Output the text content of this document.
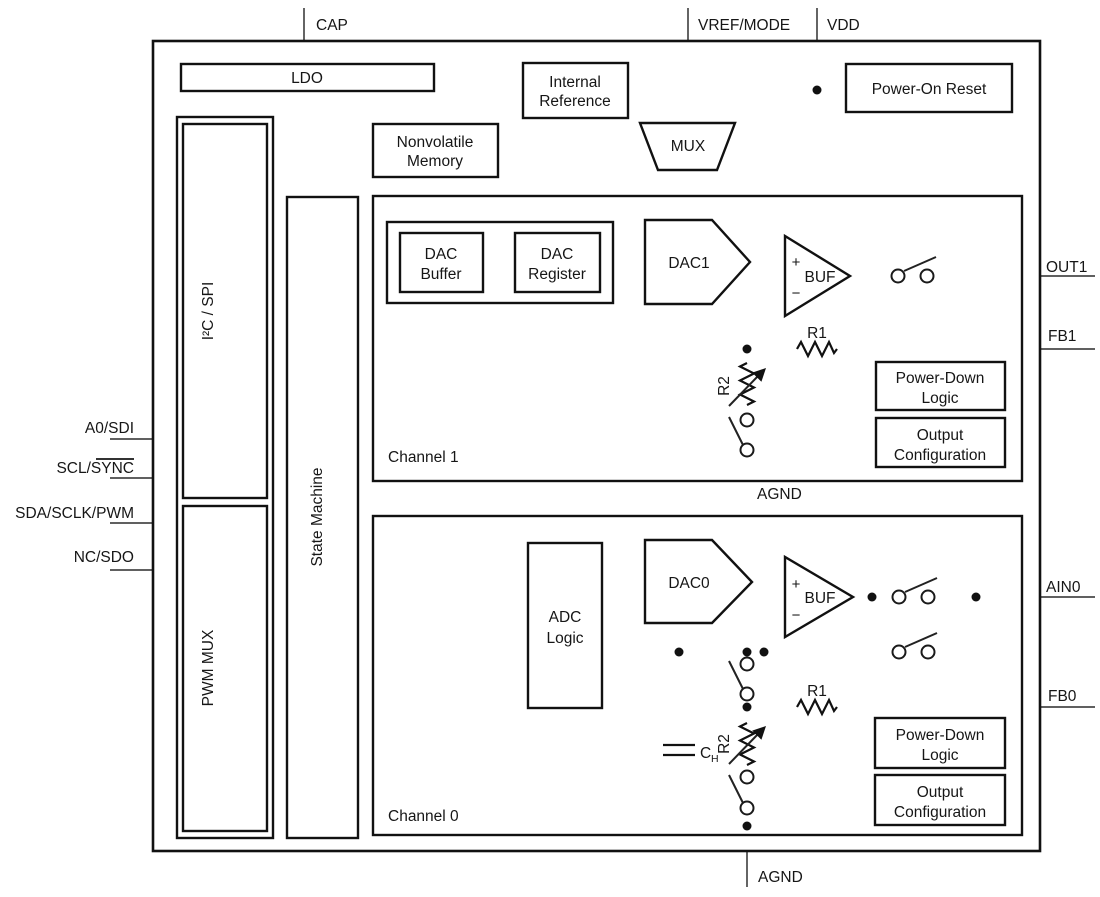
LDO	Internal
Reference
Power-On Reset
MUX
Nonvolatile
Memory
I²C / SPI
PWM MUX
State Machine
Channel 1
DAC
Buffer
DAC
Register
DAC1	+
−
BUF
R1
R2	Power-Down
Logic
Output
Configuration
AGND
Channel 0
ADC
Logic
DAC0	+
−
BUF
R1
R2
C H
Power-Down
Logic
Output
Configuration
CAP	VREF/MODE VDD
A0/SDI
SCL/SYNC
SDA/SCLK/PWM
NC/SDO
OUT1
FB1
AIN0
FB0
AGND
